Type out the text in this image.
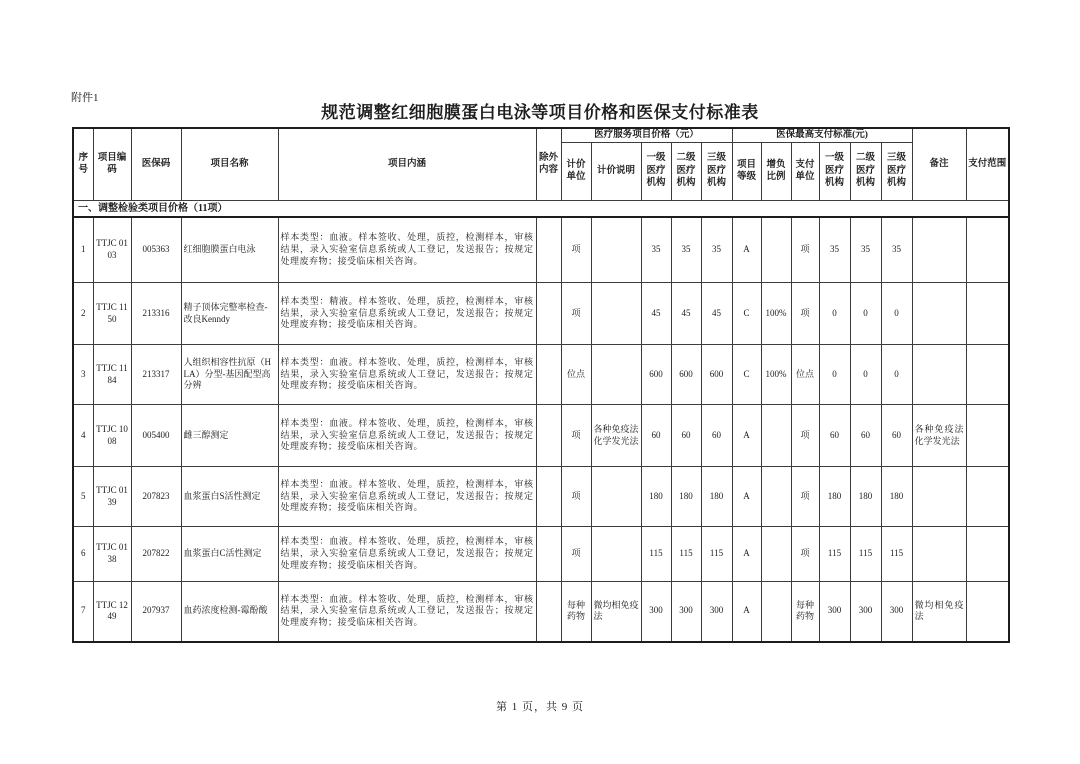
附件1
规范调整红细胞膜蛋白电泳等项目价格和医保支付标准表
序号	项目编码	医保码	项目名称	项目内涵	除外内容	医疗服务项目价格（元）					医保最高支付标准(元)						备注	支付范围
						计价单位	计价说明	一级医疗机构	二级医疗机构	三级医疗机构	项目等级	增负比例	支付单位	一级医疗机构	二级医疗机构	三级医疗机构		
一、调整检验类项目价格（11项）																		
1	TTJC 0103	005363	红细胞膜蛋白电泳	样本类型：血液。样本签收、处理，质控，检测样本，审核结果，录入实验室信息系统或人工登记，发送报告；按规定处理废弃物；接受临床相关咨询。		项		35	35	35	A		项	35	35	35		
2	TTJC 1150	213316	精子顶体完整率检查-改良Kenndy	样本类型：精液。样本签收、处理，质控，检测样本，审核结果，录入实验室信息系统或人工登记，发送报告；按规定处理废弃物；接受临床相关咨询。		项		45	45	45	C	100%	项	0	0	0		
3	TTJC 1184	213317	人组织相容性抗原（HLA）分型-基因配型高分辨	样本类型：血液。样本签收、处理，质控，检测样本，审核结果，录入实验室信息系统或人工登记，发送报告；按规定处理废弃物；接受临床相关咨询。		位点		600	600	600	C	100%	位点	0	0	0		
4	TTJC 1008	005400	雌三醇测定	样本类型：血液。样本签收、处理，质控，检测样本，审核结果，录入实验室信息系统或人工登记，发送报告；按规定处理废弃物；接受临床相关咨询。		项	各种免疫法化学发光法	60	60	60	A		项	60	60	60	各种免疫法化学发光法	
5	TTJC 0139	207823	血浆蛋白S活性测定	样本类型：血液。样本签收、处理，质控，检测样本，审核结果，录入实验室信息系统或人工登记，发送报告；按规定处理废弃物；接受临床相关咨询。		项		180	180	180	A		项	180	180	180		
6	TTJC 0138	207822	血浆蛋白C活性测定	样本类型：血液。样本签收、处理，质控，检测样本，审核结果，录入实验室信息系统或人工登记，发送报告；按规定处理废弃物；接受临床相关咨询。		项		115	115	115	A		项	115	115	115		
7	TTJC 1249	207937	血药浓度检测-霉酚酸	样本类型：血液。样本签收、处理，质控，检测样本，审核结果，录入实验室信息系统或人工登记，发送报告；按规定处理废弃物；接受临床相关咨询。		每种药物	微均相免疫法	300	300	300	A		每种药物	300	300	300	微均相免疫法	
第 1 页，共 9 页
